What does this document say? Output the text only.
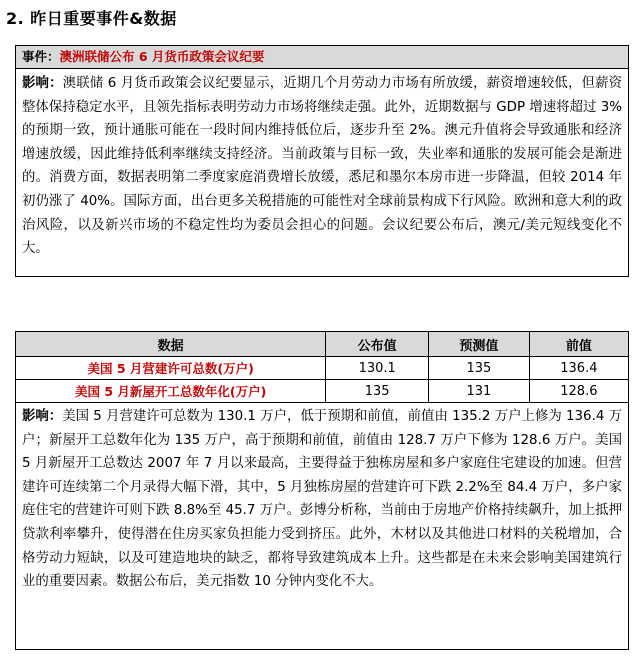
2. 昨日重要事件&数据
事件：澳洲联储公布 6 月货币政策会议纪要
影响：澳联储 6 月货币政策会议纪要显示，近期几个月劳动力市场有所放缓，薪资增速较低，但薪资整体保持稳定水平，且领先指标表明劳动力市场将继续走强。此外，近期数据与 GDP 增速将超过 3%的预期一致，预计通胀可能在一段时间内维持低位后，逐步升至 2%。澳元升值将会导致通胀和经济增速放缓，因此维持低利率继续支持经济。当前政策与目标一致，失业率和通胀的发展可能会是渐进的。消费方面，数据表明第二季度家庭消费增长放缓，悉尼和墨尔本房市进一步降温，但较 2014 年初仍涨了 40%。国际方面，出台更多关税措施的可能性对全球前景构成下行风险。欧洲和意大利的政治风险，以及新兴市场的不稳定性均为委员会担心的问题。会议纪要公布后，澳元/美元短线变化不大。
数据	公布值	预测值	前值
美国 5 月营建许可总数(万户)	130.1	135	136.4
美国 5 月新屋开工总数年化(万户)	135	131	128.6
影响：美国 5 月营建许可总数为 130.1 万户，低于预期和前值，前值由 135.2 万户上修为 136.4 万户；新屋开工总数年化为 135 万户，高于预期和前值，前值由 128.7 万户下修为 128.6 万户。美国 5 月新屋开工总数达 2007 年 7 月以来最高，主要得益于独栋房屋和多户家庭住宅建设的加速。但营建许可连续第二个月录得大幅下滑，其中，5 月独栋房屋的营建许可下跌 2.2%至 84.4 万户，多户家庭住宅的营建许可则下跌 8.8%至 45.7 万户。彭博分析称，当前由于房地产价格持续飙升，加上抵押贷款利率攀升，使得潜在住房买家负担能力受到挤压。此外，木材以及其他进口材料的关税增加，合格劳动力短缺，以及可建造地块的缺乏，都将导致建筑成本上升。这些都是在未来会影响美国建筑行业的重要因素。数据公布后，美元指数 10 分钟内变化不大。
